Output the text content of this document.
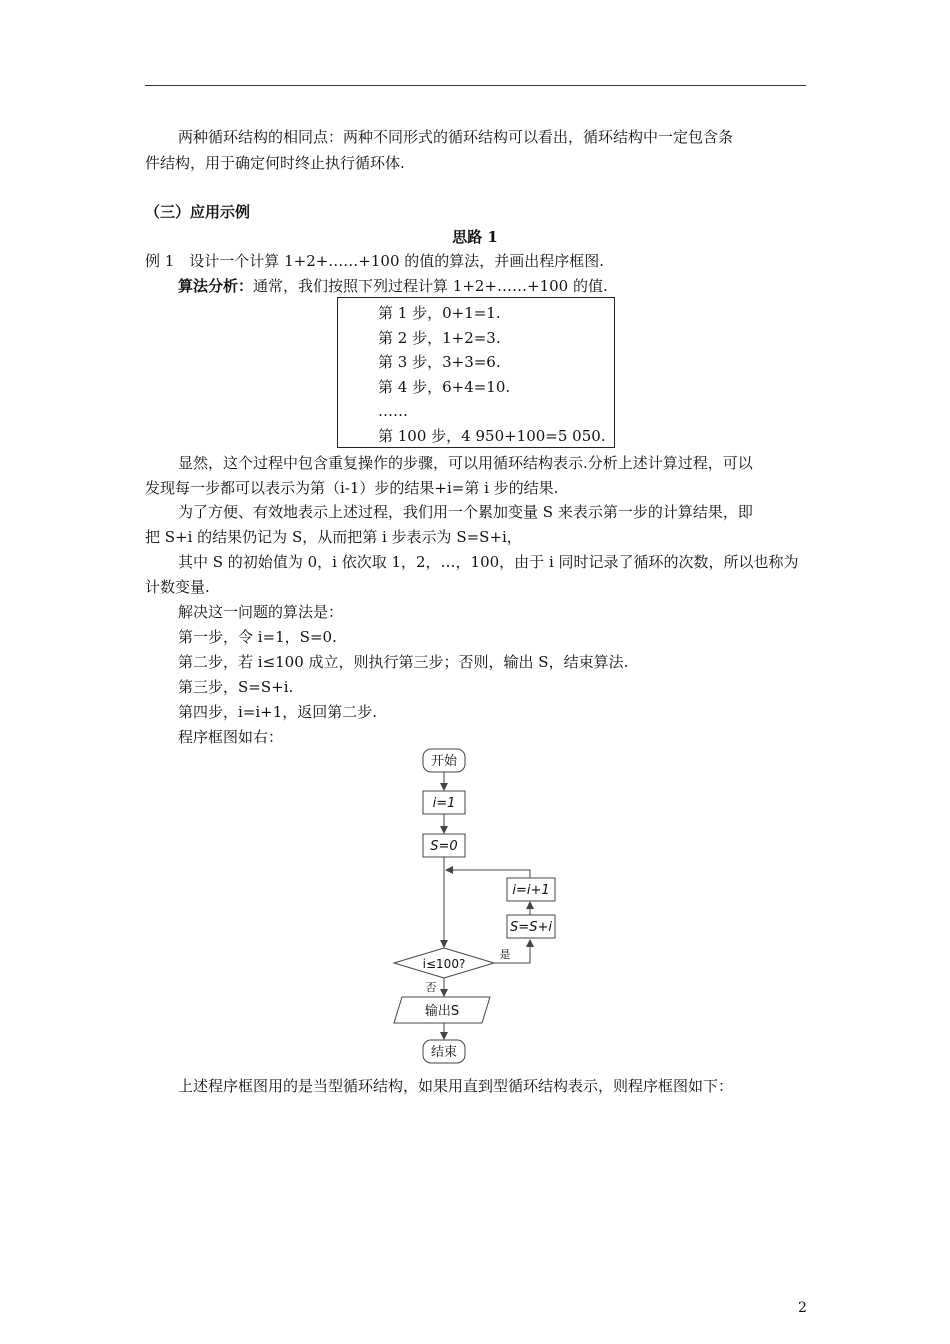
两种循环结构的相同点：两种不同形式的循环结构可以看出，循环结构中一定包含条
件结构，用于确定何时终止执行循环体.
（三）应用示例
思路 1
例 1　设计一个计算 1+2+……+100 的值的算法，并画出程序框图.
算法分析：通常，我们按照下列过程计算 1+2+……+100 的值.
第 1 步，0+1=1.
第 2 步，1+2=3.
第 3 步，3+3=6.
第 4 步，6+4=10.
……
第 100 步，4 950+100=5 050.
显然，这个过程中包含重复操作的步骤，可以用循环结构表示.分析上述计算过程，可以
发现每一步都可以表示为第（i-1）步的结果+i=第 i 步的结果.
为了方便、有效地表示上述过程，我们用一个累加变量 S 来表示第一步的计算结果，即
把 S+i 的结果仍记为 S，从而把第 i 步表示为 S=S+i，
其中 S 的初始值为 0，i 依次取 1，2，…，100，由于 i 同时记录了循环的次数，所以也称为
计数变量.
解决这一问题的算法是：
第一步，令 i=1，S=0.
第二步，若 i≤100 成立，则执行第三步；否则，输出 S，结束算法.
第三步，S=S+i.
第四步，i=i+1，返回第二步.
程序框图如右：
开始
i=1
S=0
i=i+1
S=S+i
i≤100?
是
否
输出S
结束
上述程序框图用的是当型循环结构，如果用直到型循环结构表示，则程序框图如下：
2
